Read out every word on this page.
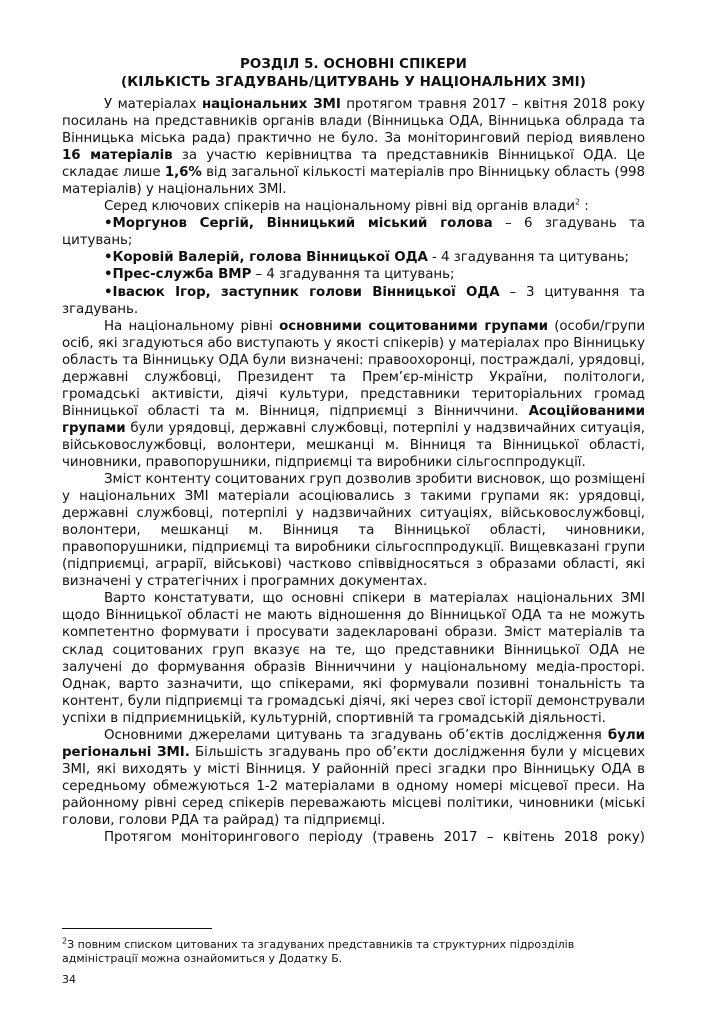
РОЗДІЛ 5. ОСНОВНІ СПІКЕРИ
(КІЛЬКІСТЬ ЗГАДУВАНЬ/ЦИТУВАНЬ У НАЦІОНАЛЬНИХ ЗМІ)

У матеріалах національних ЗМІ протягом травня 2017 – квітня 2018 року посилань на представників органів влади (Вінницька ОДА, Вінницька облрада та Вінницька міська рада) практично не було. За моніторинговий період виявлено 16 матеріалів за участю керівництва та представників Вінницької ОДА. Це складає лише 1,6% від загальної кількості матеріалів про Вінницьку область (998 матеріалів) у національних ЗМІ.

Серед ключових спікерів на національному рівні від органів влади$^2$ :

•Моргунов Сергій, Вінницький міський голова – 6 згадувань та цитувань;

•Коровій Валерій, голова Вінницької ОДА - 4 згадування та цитувань;

•Прес-служба ВМР – 4 згадування та цитувань;

•Івасюк Ігор, заступник голови Вінницької ОДА – 3 цитування та згадувань.

На національному рівні основними социтованими групами (особи/групи осіб, які згадуються або виступають у якості спікерів) у матеріалах про Вінницьку область та Вінницьку ОДА були визначені: правоохоронці, постраждалі, урядовці, державні службовці, Президент та Прем’єр-міністр України, політологи, громадські активісти, діячі культури, представники територіальних громад Вінницької області та м. Вінниця, підприємці з Вінниччини. Асоційованими групами були урядовці, державні службовці, потерпілі у надзвичайних ситуація, військовослужбовці, волонтери, мешканці м. Вінниця та Вінницької області, чиновники, правопорушники, підприємці та виробники сільгосппродукції.

Зміст контенту социтованих груп дозволив зробити висновок, що розміщені у національних ЗМІ матеріали асоціювались з такими групами як: урядовці, державні службовці, потерпілі у надзвичайних ситуаціях, військовослужбовці, волонтери, мешканці м. Вінниця та Вінницької області, чиновники, правопорушники, підприємці та виробники сільгосппродукції. Вищевказані групи (підприємці, аграрії, військові) частково співвідносяться з образами області, які визначені у стратегічних і програмних документах.

Варто констатувати, що основні спікери в матеріалах національних ЗМІ щодо Вінницької області не мають відношення до Вінницької ОДА та не можуть компетентно формувати і просувати задекларовані образи. Зміст матеріалів та склад социтованих груп вказує на те, що представники Вінницької ОДА не залучені до формування образів Вінниччини у національному медіа-просторі. Однак, варто зазначити, що спікерами, які формували позивні тональність та контент, були підприємці та громадські діячі, які через свої історії демонстрували успіхи в підприємницькій, культурній, спортивній та громадській діяльності.

Основними джерелами цитувань та згадувань об’єктів дослідження були регіональні ЗМІ. Більшість згадувань про об’єкти дослідження були у місцевих ЗМІ, які виходять у місті Вінниця. У районній пресі згадки про Вінницьку ОДА в середньому обмежуються 1-2 матеріалами в одному номері місцевої преси. На районному рівні серед спікерів переважають місцеві політики, чиновники (міські голови, голови РДА та райрад) та підприємці.

Протягом моніторингового періоду (травень 2017 – квітень 2018 року)

$^2$З повним списком цитованих та згадуваних представників та структурних підрозділів адміністрації можна ознайомиться у Додатку Б.
34
